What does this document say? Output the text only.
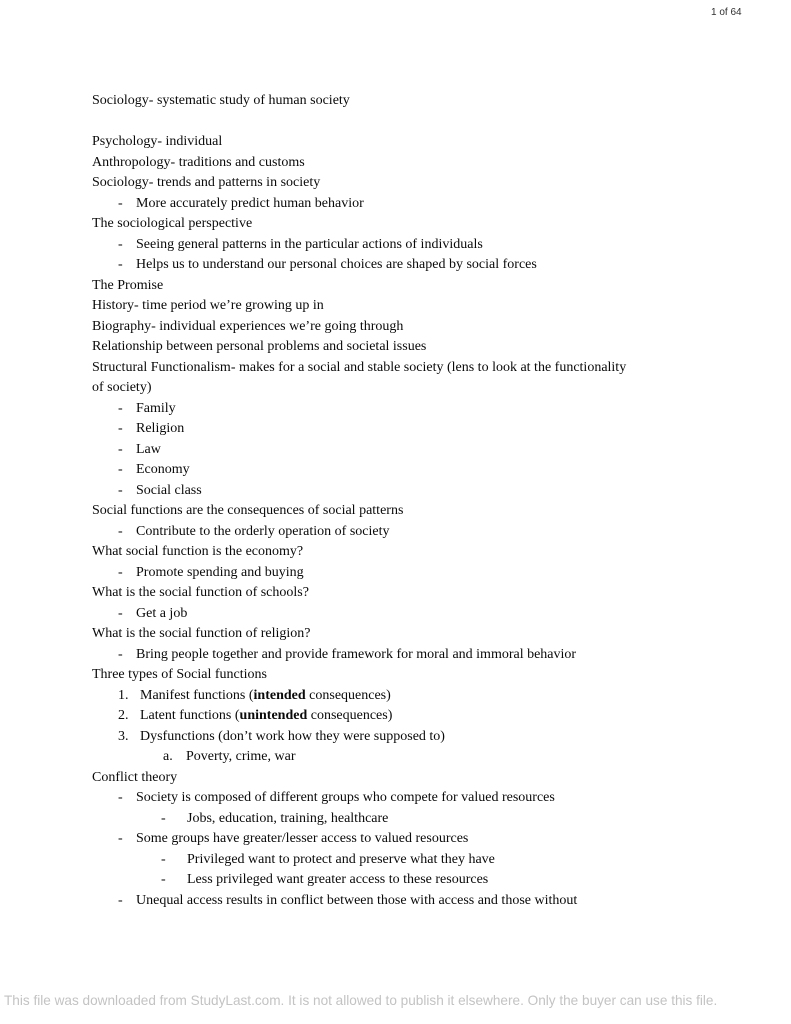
1 of 64
Sociology- systematic study of human society
Psychology- individual
Anthropology- traditions and customs
Sociology- trends and patterns in society
- More accurately predict human behavior
The sociological perspective
- Seeing general patterns in the particular actions of individuals
- Helps us to understand our personal choices are shaped by social forces
The Promise
History- time period we’re growing up in
Biography- individual experiences we’re going through
Relationship between personal problems and societal issues
Structural Functionalism- makes for a social and stable society (lens to look at the functionality
of society)
- Family
- Religion
- Law
- Economy
- Social class
Social functions are the consequences of social patterns
- Contribute to the orderly operation of society
What social function is the economy?
- Promote spending and buying
What is the social function of schools?
- Get a job
What is the social function of religion?
- Bring people together and provide framework for moral and immoral behavior
Three types of Social functions
1. Manifest functions (intended consequences)
2. Latent functions (unintended consequences)
3. Dysfunctions (don’t work how they were supposed to)
a. Poverty, crime, war
Conflict theory
- Society is composed of different groups who compete for valued resources
-	Jobs, education, training, healthcare
- Some groups have greater/lesser access to valued resources
-	Privileged want to protect and preserve what they have
-	Less privileged want greater access to these resources
- Unequal access results in conflict between those with access and those without
This file was downloaded from StudyLast.com. It is not allowed to publish it elsewhere. Only the buyer can use this file.
